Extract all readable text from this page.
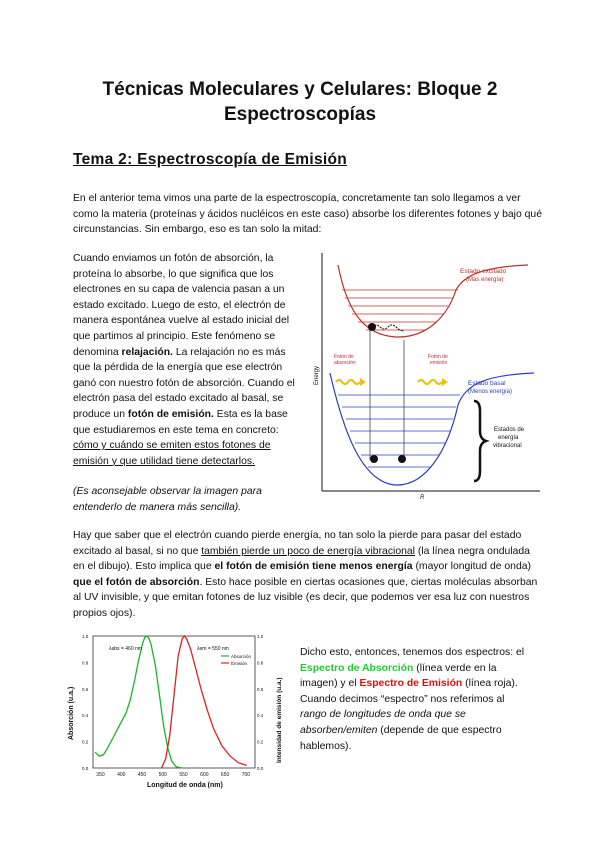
Técnicas Moleculares y Celulares: Bloque 2
Espectroscopías
Tema 2: Espectroscopía de Emisión
En el anterior tema vimos una parte de la espectroscopía, concretamente tan solo llegamos a ver como la materia (proteínas y ácidos nucléicos en este caso) absorbe los diferentes fotones y bajo qué circunstancias. Sin embargo, eso es tan solo la mitad:
Cuando enviamos un fotón de absorción, la proteína lo absorbe, lo que significa que los electrones en su capa de valencia pasan a un estado excitado. Luego de esto, el electrón de manera espontánea vuelve al estado inicial del que partimos al principio. Este fenómeno se denomina relajación. La relajación no es más que la pérdida de la energía que ese electrón ganó con nuestro fotón de absorción. Cuando el electrón pasa del estado excitado al basal, se produce un fotón de emisión. Esta es la base que estudiaremos en este tema en concreto: cómo y cuándo se emiten estos fotones de emisión y que utilidad tiene detectarlos.
(Es aconsejable observar la imagen para entenderlo de manera más sencilla).
Energy
R
Estado excitado
(Más energía)
Estado basal
(Menos energía)
Fotón de
absorción
Fotón de
emisión
Estados de
energía
vibracional
Hay que saber que el electrón cuando pierde energía, no tan solo la pierde para pasar del estado excitado al basal, si no que también pierde un poco de energía vibracional (la línea negra ondulada en el dibujo). Esto implica que el fotón de emisión tiene menos energía (mayor longitud de onda) que el fotón de absorción. Esto hace posible en ciertas ocasiones que, ciertas moléculas absorban al UV invisible, y que emitan fotones de luz visible (es decir, que podemos ver esa luz con nuestros propios ojos).
350 400 450 500 550 600 650 700
0.0
0.2
0.4
0.6
0.8
1.0
0.0
0.2
0.4
0.6
0.8
1.0
Longitud de onda (nm)
Absorción (u.a.)	Intensidad de emisión (u.a.)
λabs = 460 nm	λem = 550 nm
Absorción
Emisión
Dicho esto, entonces, tenemos dos espectros: el Espectro de Absorción (línea verde en la imagen) y el Espectro de Emisión (línea roja). Cuando decimos “espectro” nos referimos al rango de longitudes de onda que se absorben/emiten (depende de que espectro hablemos).
